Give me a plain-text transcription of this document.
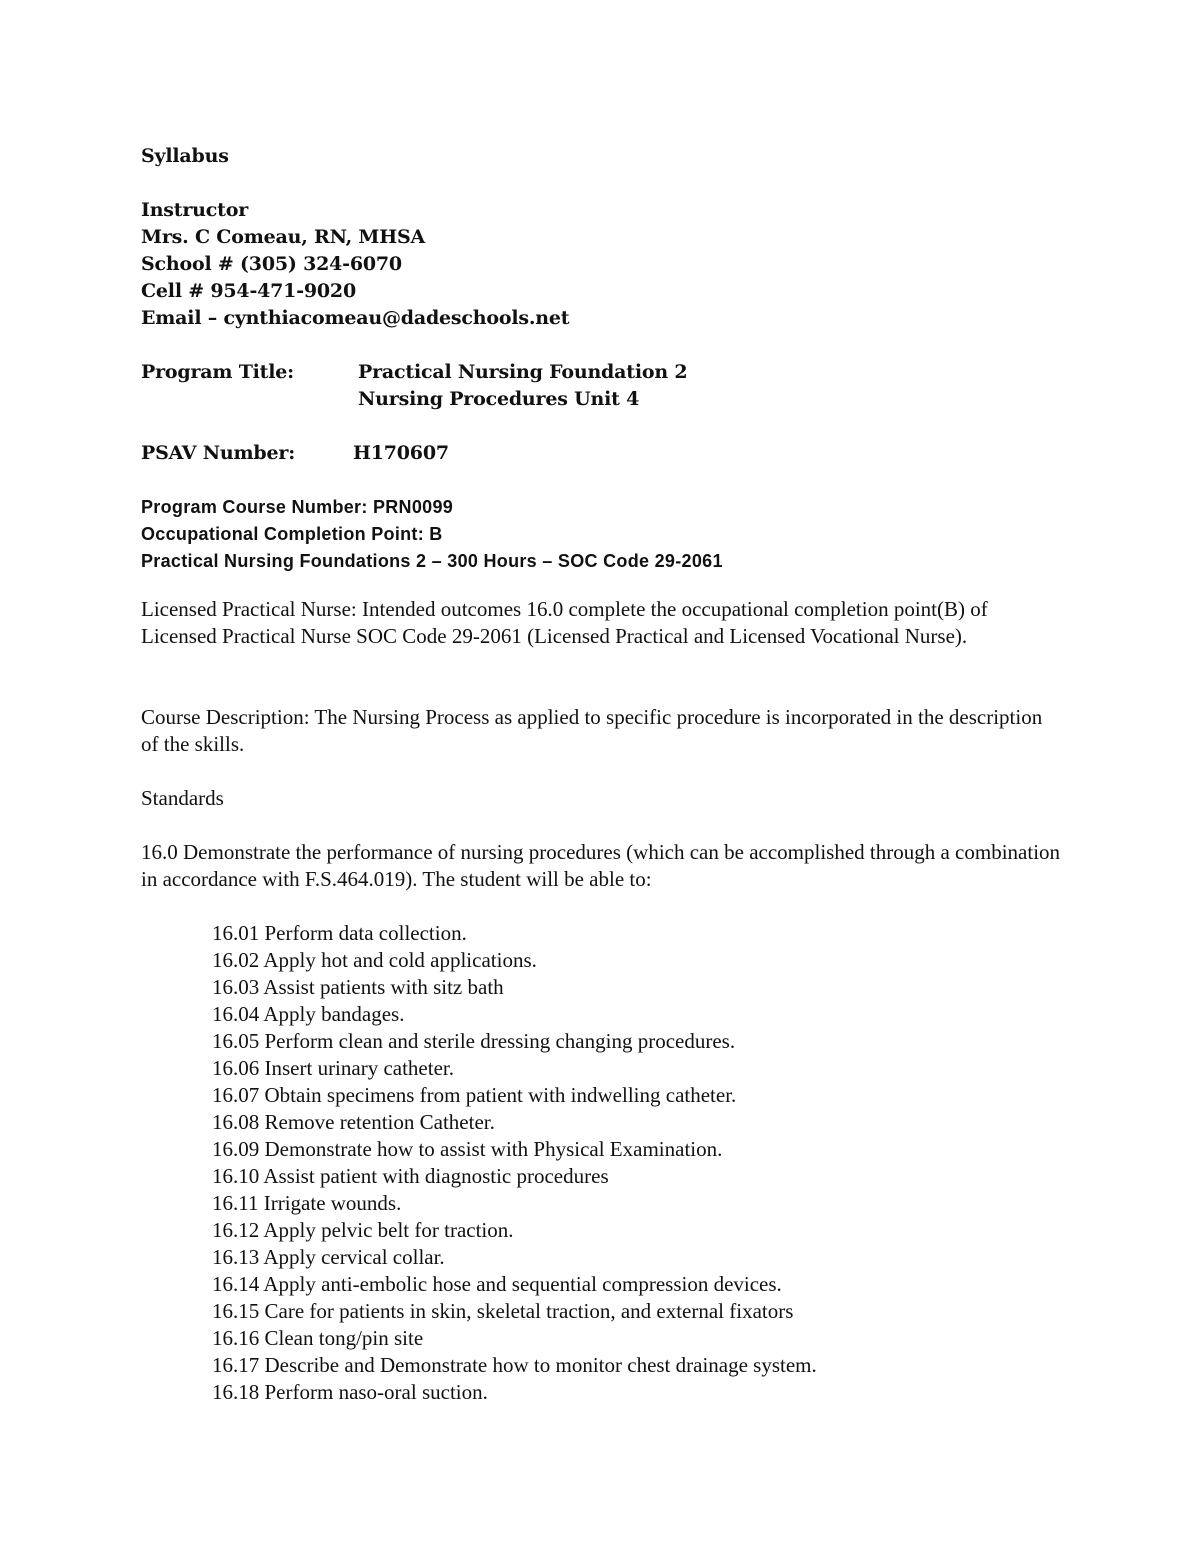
Syllabus
Instructor
Mrs. C Comeau, RN, MHSA
School # (305) 324-6070
Cell # 954-471-9020
Email – cynthiacomeau@dadeschools.net
Program Title:	Practical Nursing Foundation 2
Nursing Procedures Unit 4
PSAV Number:	H170607
Program Course Number: PRN0099
Occupational Completion Point: B
Practical Nursing Foundations 2 – 300 Hours – SOC Code 29-2061
Licensed Practical Nurse: Intended outcomes 16.0 complete the occupational completion point(B) of Licensed Practical Nurse SOC Code 29-2061 (Licensed Practical and Licensed Vocational Nurse).
Course Description: The Nursing Process as applied to specific procedure is incorporated in the description of the skills.
Standards
16.0 Demonstrate the performance of nursing procedures (which can be accomplished through a combination in accordance with F.S.464.019). The student will be able to:
16.01 Perform data collection.
16.02 Apply hot and cold applications.
16.03 Assist patients with sitz bath
16.04 Apply bandages.
16.05 Perform clean and sterile dressing changing procedures.
16.06 Insert urinary catheter.
16.07 Obtain specimens from patient with indwelling catheter.
16.08 Remove retention Catheter.
16.09 Demonstrate how to assist with Physical Examination.
16.10 Assist patient with diagnostic procedures
16.11 Irrigate wounds.
16.12 Apply pelvic belt for traction.
16.13 Apply cervical collar.
16.14 Apply anti-embolic hose and sequential compression devices.
16.15 Care for patients in skin, skeletal traction, and external fixators
16.16 Clean tong/pin site
16.17 Describe and Demonstrate how to monitor chest drainage system.
16.18 Perform naso-oral suction.
